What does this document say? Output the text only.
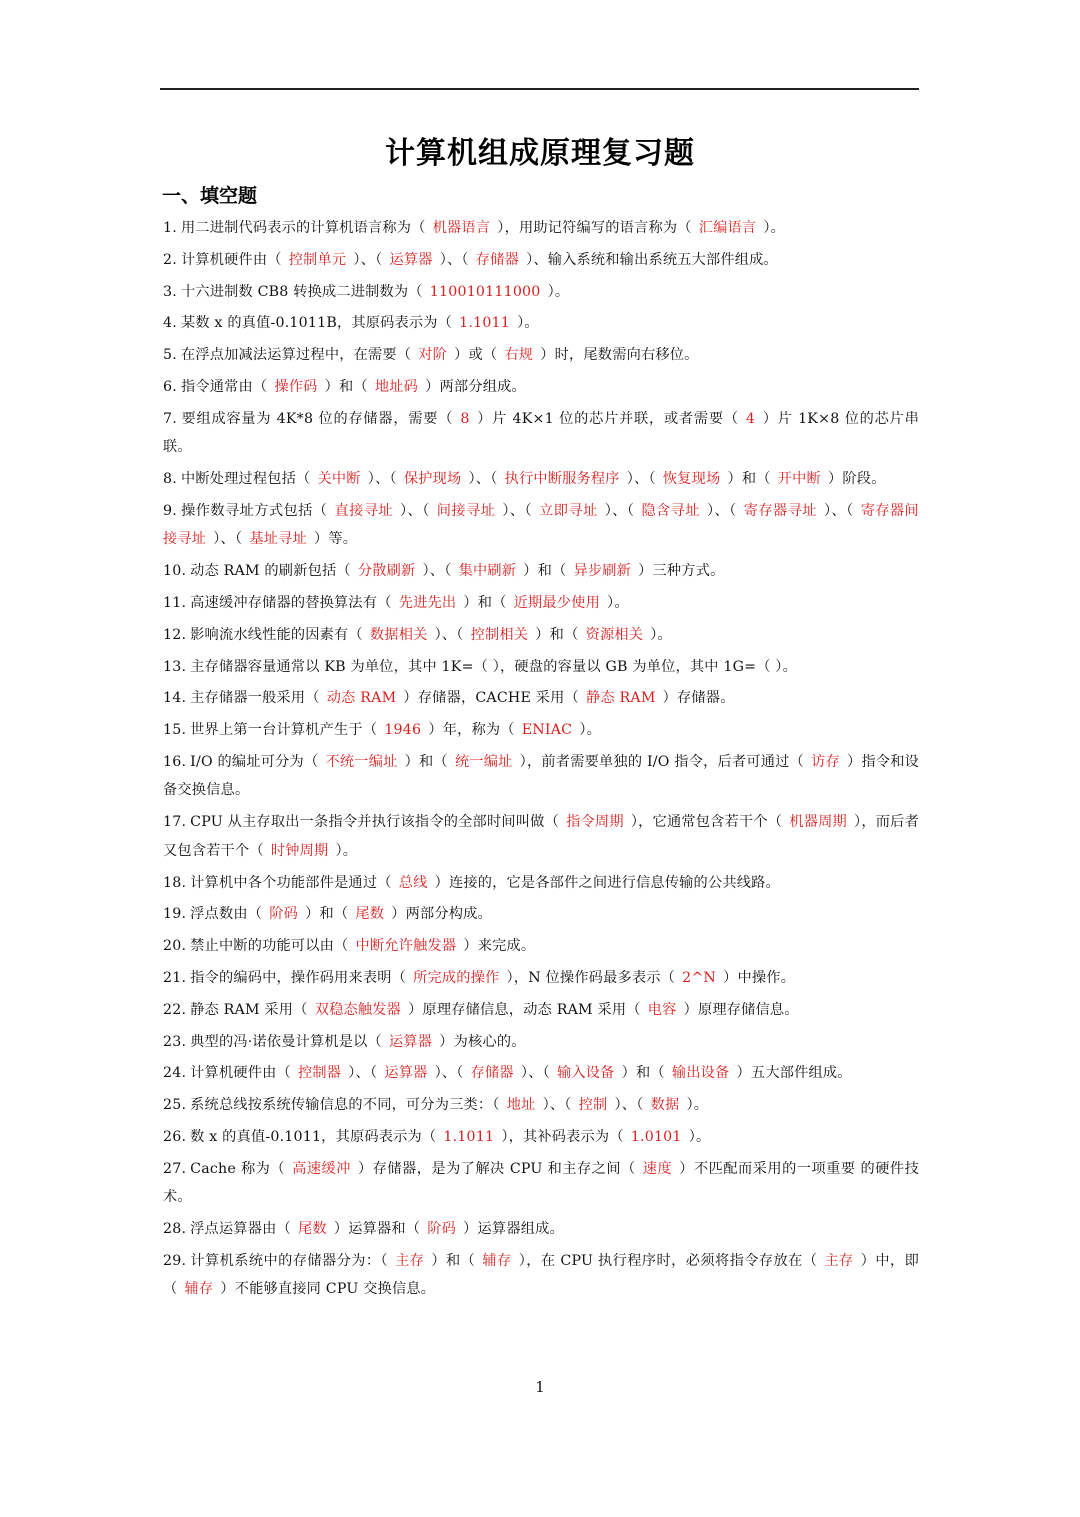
计算机组成原理复习题
一、填空题

1. 用二进制代码表示的计算机语言称为（ 机器语言 ），用助记符编写的语言称为（ 汇编语言 ）。

2. 计算机硬件由（ 控制单元 ）、（ 运算器 ）、（ 存储器 ）、输入系统和输出系统五大部件组成。

3. 十六进制数 CB8 转换成二进制数为（ 110010111000 ）。

4. 某数 x 的真值-0.1011B，其原码表示为（ 1.1011 ）。

5. 在浮点加减法运算过程中，在需要（ 对阶 ）或（ 右规 ）时，尾数需向右移位。

6. 指令通常由（ 操作码 ）和（ 地址码 ）两部分组成。

7. 要组成容量为 4K*8 位的存储器，需要（ 8 ）片 4K×1 位的芯片并联，或者需要（ 4 ）片 1K×8 位的芯片串联。

8. 中断处理过程包括（ 关中断 ）、（ 保护现场 ）、（ 执行中断服务程序 ）、（ 恢复现场 ）和（ 开中断 ）阶段。

9. 操作数寻址方式包括（ 直接寻址 ）、（ 间接寻址 ）、（ 立即寻址 ）、（ 隐含寻址 ）、（ 寄存器寻址 ）、（ 寄存器间接寻址 ）、（ 基址寻址 ）等。

10. 动态 RAM 的刷新包括（ 分散刷新 ）、（ 集中刷新 ）和（ 异步刷新 ）三种方式。

11. 高速缓冲存储器的替换算法有（ 先进先出 ）和（ 近期最少使用 ）。

12. 影响流水线性能的因素有（ 数据相关 ）、（ 控制相关 ）和（ 资源相关 ）。

13. 主存储器容量通常以 KB 为单位，其中 1K=（ ），硬盘的容量以 GB 为单位，其中 1G=（ ）。

14. 主存储器一般采用（ 动态 RAM ）存储器，CACHE 采用（ 静态 RAM ）存储器。

15. 世界上第一台计算机产生于（ 1946 ）年，称为（ ENIAC ）。

16. I/O 的编址可分为（ 不统一编址 ）和（ 统一编址 ），前者需要单独的 I/O 指令，后者可通过（ 访存 ）指令和设备交换信息。

17. CPU 从主存取出一条指令并执行该指令的全部时间叫做（ 指令周期 ），它通常包含若干个（ 机器周期 ），而后者又包含若干个（ 时钟周期 ）。

18. 计算机中各个功能部件是通过（ 总线 ）连接的，它是各部件之间进行信息传输的公共线路。

19. 浮点数由（ 阶码 ）和（ 尾数 ）两部分构成。

20. 禁止中断的功能可以由（ 中断允许触发器 ）来完成。

21. 指令的编码中，操作码用来表明（ 所完成的操作 ），N 位操作码最多表示（ 2^N ）中操作。

22. 静态 RAM 采用（ 双稳态触发器 ）原理存储信息，动态 RAM 采用（ 电容 ）原理存储信息。

23. 典型的冯·诺依曼计算机是以（ 运算器 ）为核心的。

24. 计算机硬件由（ 控制器 ）、（ 运算器 ）、（ 存储器 ）、（ 输入设备 ）和（ 输出设备 ）五大部件组成。

25. 系统总线按系统传输信息的不同，可分为三类：（ 地址 ）、（ 控制 ）、（ 数据 ）。

26. 数 x 的真值-0.1011，其原码表示为（ 1.1011 ），其补码表示为（ 1.0101 ）。

27. Cache 称为（ 高速缓冲 ）存储器，是为了解决 CPU 和主存之间（ 速度 ）不匹配而采用的一项重要 的硬件技术。

28. 浮点运算器由（ 尾数 ）运算器和（ 阶码 ）运算器组成。

29. 计算机系统中的存储器分为：（ 主存 ）和（ 辅存 ），在 CPU 执行程序时，必须将指令存放在（ 主存 ）中，即（ 辅存 ）不能够直接同 CPU 交换信息。

1
